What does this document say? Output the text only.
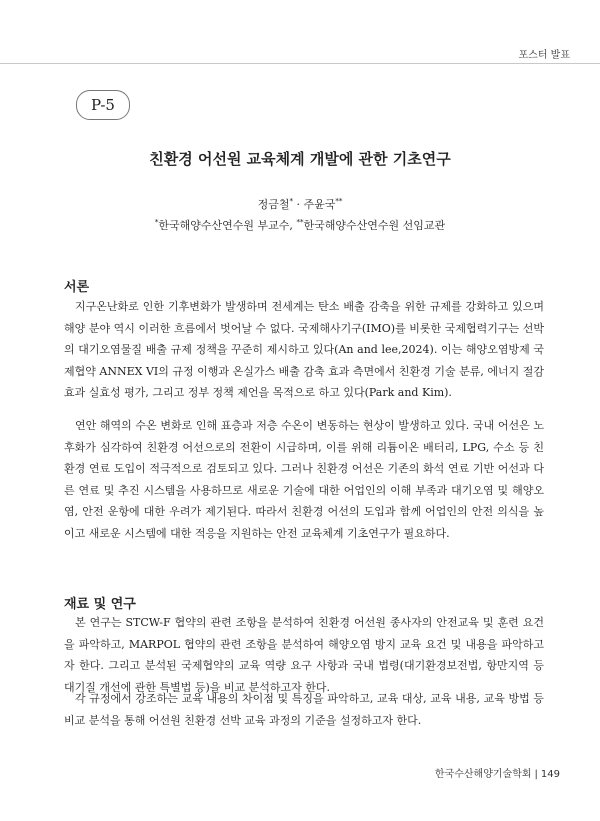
포스터 발표
P-5
친환경 어선원 교육체계 개발에 관한 기초연구
정금철* · 주윤국**
*한국해양수산연수원 부교수, **한국해양수산연수원 선임교관
서론

지구온난화로 인한 기후변화가 발생하며 전세계는 탄소 배출 감축을 위한 규제를 강화하고 있으며 해양 분야 역시 이러한 흐름에서 벗어날 수 없다. 국제해사기구(IMO)를 비롯한 국제협력기구는 선박의 대기오염물질 배출 규제 정책을 꾸준히 제시하고 있다(An and lee,2024). 이는 해양오염방제 국제협약 ANNEX VI의 규정 이행과 온실가스 배출 감축 효과 측면에서 친환경 기술 분류, 에너지 절감 효과 실효성 평가, 그리고 정부 정책 제언을 목적으로 하고 있다(Park and Kim).

연안 해역의 수온 변화로 인해 표층과 저층 수온이 변동하는 현상이 발생하고 있다. 국내 어선은 노후화가 심각하여 친환경 어선으로의 전환이 시급하며, 이를 위해 리튬이온 배터리, LPG, 수소 등 친환경 연료 도입이 적극적으로 검토되고 있다. 그러나 친환경 어선은 기존의 화석 연료 기반 어선과 다른 연료 및 추진 시스템을 사용하므로 새로운 기술에 대한 어업인의 이해 부족과 대기오염 및 해양오염, 안전 운항에 대한 우려가 제기된다. 따라서 친환경 어선의 도입과 함께 어업인의 안전 의식을 높이고 새로운 시스템에 대한 적응을 지원하는 안전 교육체계 기초연구가 필요하다.

재료 및 연구

본 연구는 STCW-F 협약의 관련 조항을 분석하여 친환경 어선원 종사자의 안전교육 및 훈련 요건을 파악하고, MARPOL 협약의 관련 조항을 분석하여 해양오염 방지 교육 요건 및 내용을 파악하고자 한다. 그리고 분석된 국제협약의 교육 역량 요구 사항과 국내 법령(대기환경보전법, 항만지역 등 대기질 개선에 관한 특별법 등)을 비교 분석하고자 한다.

각 규정에서 강조하는 교육 내용의 차이점 및 특징을 파악하고, 교육 대상, 교육 내용, 교육 방법 등 비교 분석을 통해 어선원 친환경 선박 교육 과정의 기준을 설정하고자 한다.

한국수산해양기술학회 | 149
